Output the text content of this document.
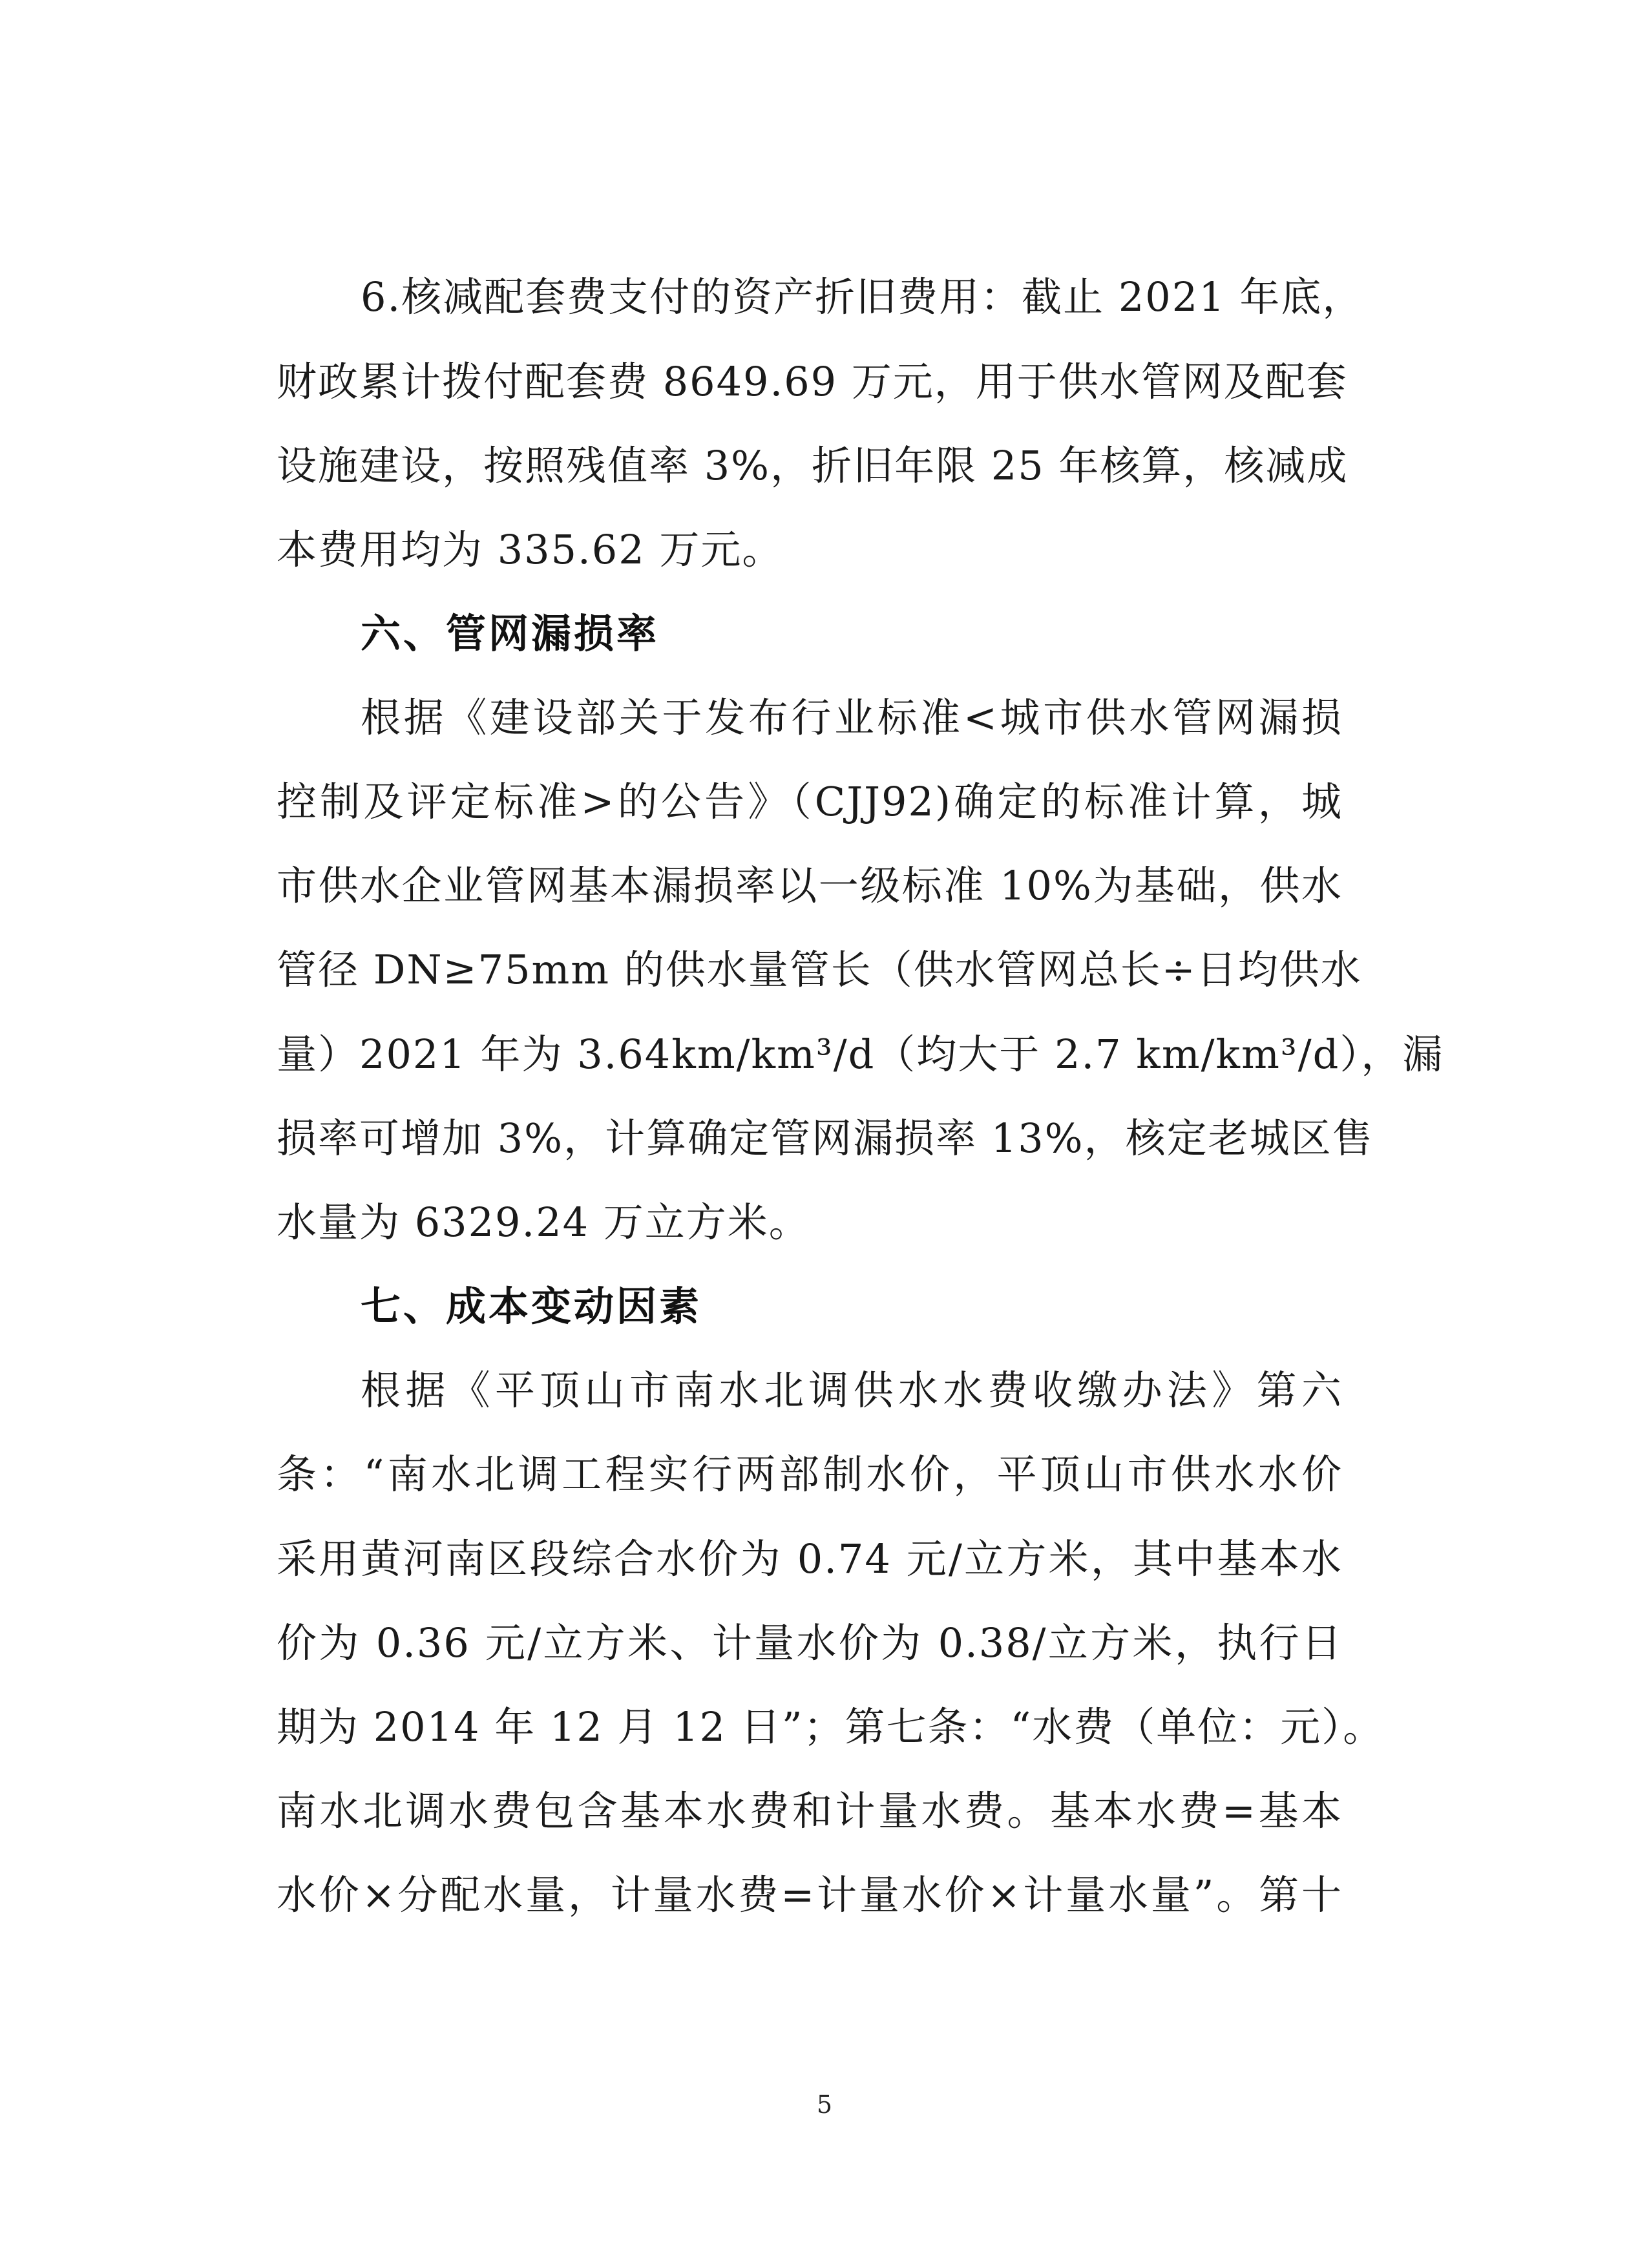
6.核减配套费支付的资产折旧费用：截止 2021 年底，
财政累计拨付配套费 8649.69 万元，用于供水管网及配套
设施建设，按照残值率 3%，折旧年限 25 年核算，核减成
本费用均为 335.62 万元。
六、管网漏损率
根据《建设部关于发布行业标准<城市供水管网漏损
控制及评定标准>的公告》（CJJ92)确定的标准计算，城
市供水企业管网基本漏损率以一级标准 10%为基础，供水
管径 DN≥75mm 的供水量管长（供水管网总长÷日均供水
量）2021 年为 3.64km/km³/d（均大于 2.7 km/km³/d），漏
损率可增加 3%，计算确定管网漏损率 13%，核定老城区售
水量为 6329.24 万立方米。
七、成本变动因素
根据《平顶山市南水北调供水水费收缴办法》第六
条：“南水北调工程实行两部制水价，平顶山市供水水价
采用黄河南区段综合水价为 0.74 元/立方米，其中基本水
价为 0.36 元/立方米、计量水价为 0.38/立方米，执行日
期为 2014 年 12 月 12 日”；第七条：“水费（单位：元）。
南水北调水费包含基本水费和计量水费。基本水费=基本
水价×分配水量，计量水费=计量水价×计量水量”。第十
5
